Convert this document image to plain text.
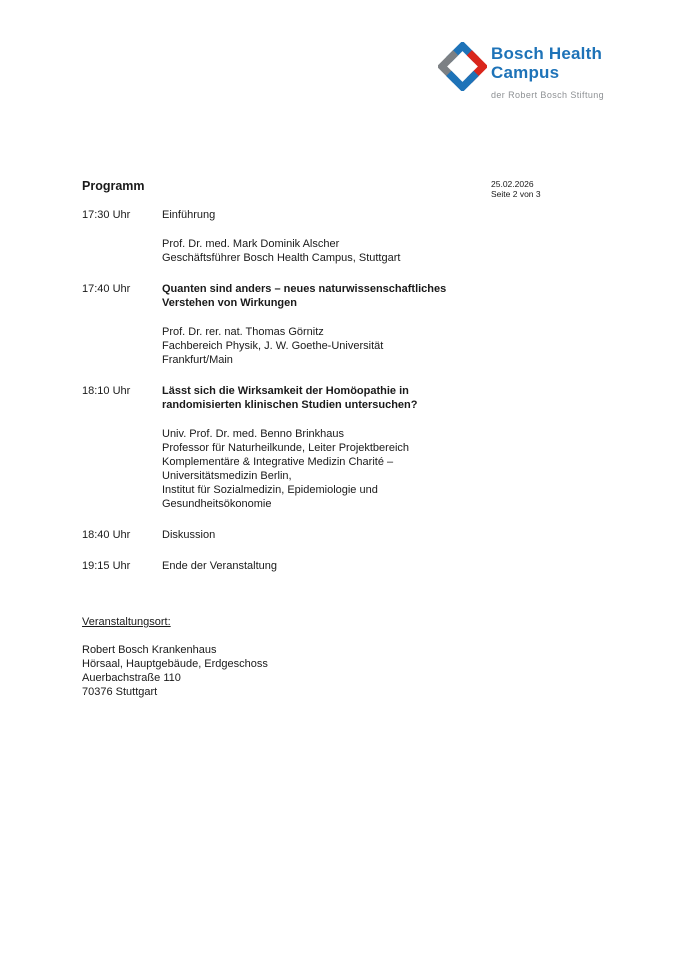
Bosch Health
Campus
der Robert Bosch Stiftung
Programm	25.02.2026
Seite 2 von 3
17:30 Uhr	Einführung
Prof. Dr. med. Mark Dominik Alscher
Geschäftsführer Bosch Health Campus, Stuttgart
17:40 Uhr	Quanten sind anders – neues naturwissenschaftliches
Verstehen von Wirkungen
Prof. Dr. rer. nat. Thomas Görnitz
Fachbereich Physik, J. W. Goethe-Universität
Frankfurt/Main
18:10 Uhr	Lässt sich die Wirksamkeit der Homöopathie in
randomisierten klinischen Studien untersuchen?
Univ. Prof. Dr. med. Benno Brinkhaus
Professor für Naturheilkunde, Leiter Projektbereich
Komplementäre & Integrative Medizin Charité –
Universitätsmedizin Berlin,
Institut für Sozialmedizin, Epidemiologie und
Gesundheitsökonomie
18:40 Uhr	Diskussion
19:15 Uhr	Ende der Veranstaltung
Veranstaltungsort:
Robert Bosch Krankenhaus
Hörsaal, Hauptgebäude, Erdgeschoss
Auerbachstraße 110
70376 Stuttgart
